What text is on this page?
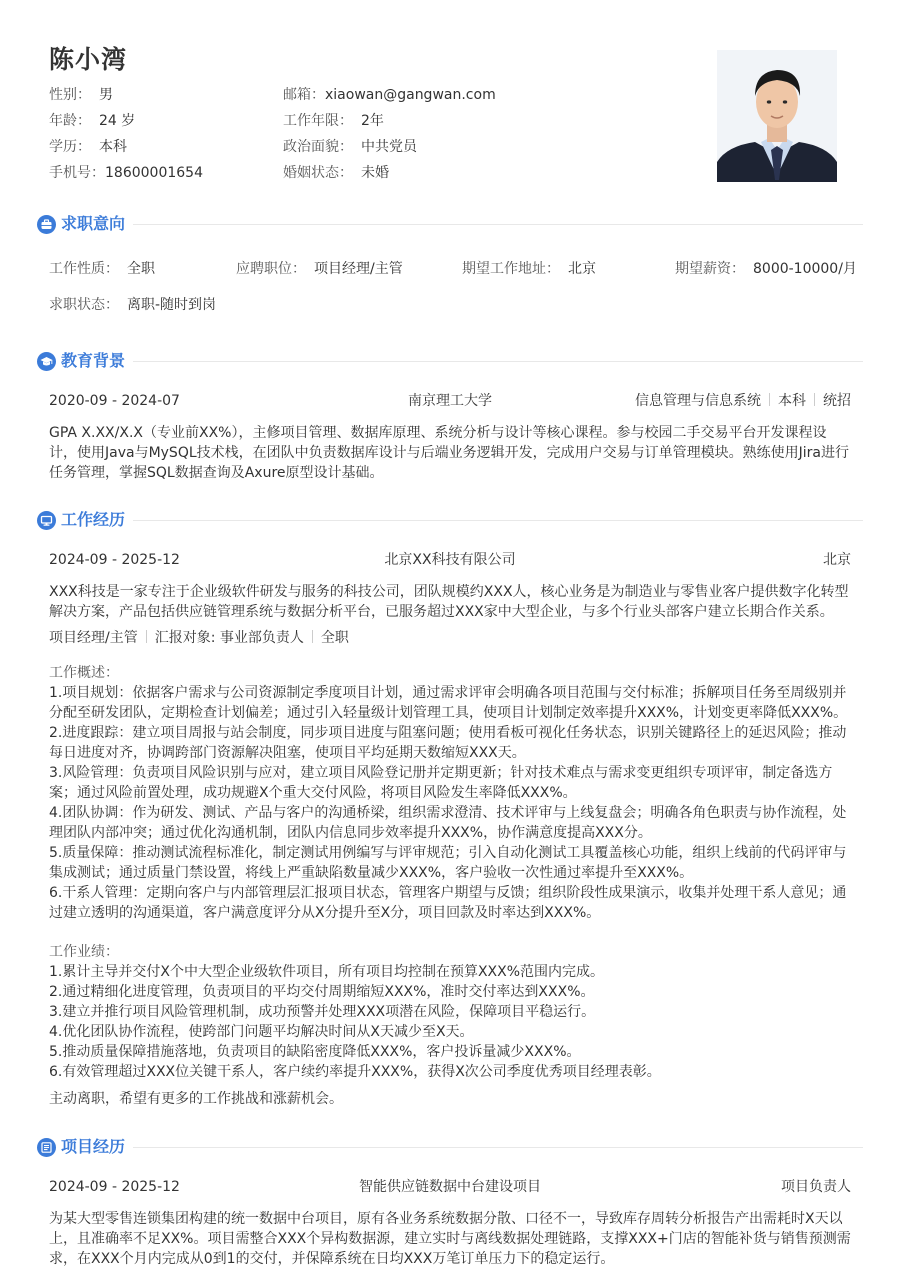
陈小湾
性别： 男
年龄： 24 岁
学历： 本科
手机号：18600001654
邮箱：xiaowan@gangwan.com
工作年限： 2年
政治面貌： 中共党员
婚姻状态： 未婚
求职意向
工作性质： 全职	应聘职位： 项目经理/主管	期望工作地址： 北京	期望薪资： 8000-10000/月
求职状态： 离职-随时到岗
教育背景
2020-09 - 2024-07	南京理工大学	信息管理与信息系统 本科 统招
GPA X.XX/X.X（专业前XX%），主修项目管理、数据库原理、系统分析与设计等核心课程。参与校园二手交易平台开发课程设计，使用Java与MySQL技术栈，在团队中负责数据库设计与后端业务逻辑开发，完成用户交易与订单管理模块。熟练使用Jira进行任务管理，掌握SQL数据查询及Axure原型设计基础。
工作经历
2024-09 - 2025-12	北京XX科技有限公司	北京
XXX科技是一家专注于企业级软件研发与服务的科技公司，团队规模约XXX人，核心业务是为制造业与零售业客户提供数字化转型解决方案，产品包括供应链管理系统与数据分析平台，已服务超过XXX家中大型企业，与多个行业头部客户建立长期合作关系。
项目经理/主管 汇报对象: 事业部负责人 全职

工作概述：

1.项目规划：依据客户需求与公司资源制定季度项目计划，通过需求评审会明确各项目范围与交付标准；拆解项目任务至周级别并分配至研发团队，定期检查计划偏差；通过引入轻量级计划管理工具，使项目计划制定效率提升XXX%，计划变更率降低XXX%。

2.进度跟踪：建立项目周报与站会制度，同步项目进度与阻塞问题；使用看板可视化任务状态，识别关键路径上的延迟风险；推动每日进度对齐，协调跨部门资源解决阻塞，使项目平均延期天数缩短XXX天。

3.风险管理：负责项目风险识别与应对，建立项目风险登记册并定期更新；针对技术难点与需求变更组织专项评审，制定备选方案；通过风险前置处理，成功规避X个重大交付风险，将项目风险发生率降低XXX%。

4.团队协调：作为研发、测试、产品与客户的沟通桥梁，组织需求澄清、技术评审与上线复盘会；明确各角色职责与协作流程，处理团队内部冲突；通过优化沟通机制，团队内信息同步效率提升XXX%，协作满意度提高XXX分。

5.质量保障：推动测试流程标准化，制定测试用例编写与评审规范；引入自动化测试工具覆盖核心功能，组织上线前的代码评审与集成测试；通过质量门禁设置，将线上严重缺陷数量减少XXX%，客户验收一次性通过率提升至XXX%。

6.干系人管理：定期向客户与内部管理层汇报项目状态，管理客户期望与反馈；组织阶段性成果演示，收集并处理干系人意见；通过建立透明的沟通渠道，客户满意度评分从X分提升至X分，项目回款及时率达到XXX%。

工作业绩：

1.累计主导并交付X个中大型企业级软件项目，所有项目均控制在预算XXX%范围内完成。

2.通过精细化进度管理，负责项目的平均交付周期缩短XXX%，准时交付率达到XXX%。

3.建立并推行项目风险管理机制，成功预警并处理XXX项潜在风险，保障项目平稳运行。

4.优化团队协作流程，使跨部门问题平均解决时间从X天减少至X天。

5.推动质量保障措施落地，负责项目的缺陷密度降低XXX%，客户投诉量减少XXX%。

6.有效管理超过XXX位关键干系人，客户续约率提升XXX%，获得X次公司季度优秀项目经理表彰。

主动离职，希望有更多的工作挑战和涨薪机会。
项目经历
2024-09 - 2025-12	智能供应链数据中台建设项目	项目负责人
为某大型零售连锁集团构建的统一数据中台项目，原有各业务系统数据分散、口径不一，导致库存周转分析报告产出需耗时X天以上，且准确率不足XX%。项目需整合XXX个异构数据源，建立实时与离线数据处理链路，支撑XXX+门店的智能补货与销售预测需求，在XXX个月内完成从0到1的交付，并保障系统在日均XXX万笔订单压力下的稳定运行。
